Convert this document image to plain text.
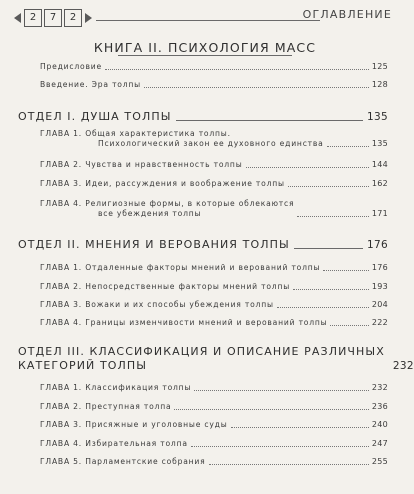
2	7	2	ОГЛАВЛЕНИЕ
КНИГА II. ПСИХОЛОГИЯ МАСС
Предисловие	125
Введение. Эра толпы	128
ОТДЕЛ I. ДУША ТОЛПЫ	135
ГЛАВА 1. Общая характеристика толпы.
Психологический закон ее духовного единства	135
ГЛАВА 2. Чувства и нравственность толпы	144
ГЛАВА 3. Идеи, рассуждения и воображение толпы	162
ГЛАВА 4. Религиозные формы, в которые облекаются
все убеждения толпы	171
ОТДЕЛ II. МНЕНИЯ И ВЕРОВАНИЯ ТОЛПЫ	176
ГЛАВА 1. Отдаленные факторы мнений и верований толпы	176
ГЛАВА 2. Непосредственные факторы мнений толпы	193
ГЛАВА 3. Вожаки и их способы убеждения толпы	204
ГЛАВА 4. Границы изменчивости мнений и верований толпы	222
ОТДЕЛ III. КЛАССИФИКАЦИЯ И ОПИСАНИЕ РАЗЛИЧНЫХ
КАТЕГОРИЙ ТОЛПЫ	232
ГЛАВА 1. Классификация толпы	232
ГЛАВА 2. Преступная толпа	236
ГЛАВА 3. Присяжные и уголовные суды	240
ГЛАВА 4. Избирательная толпа	247
ГЛАВА 5. Парламентские собрания	255
